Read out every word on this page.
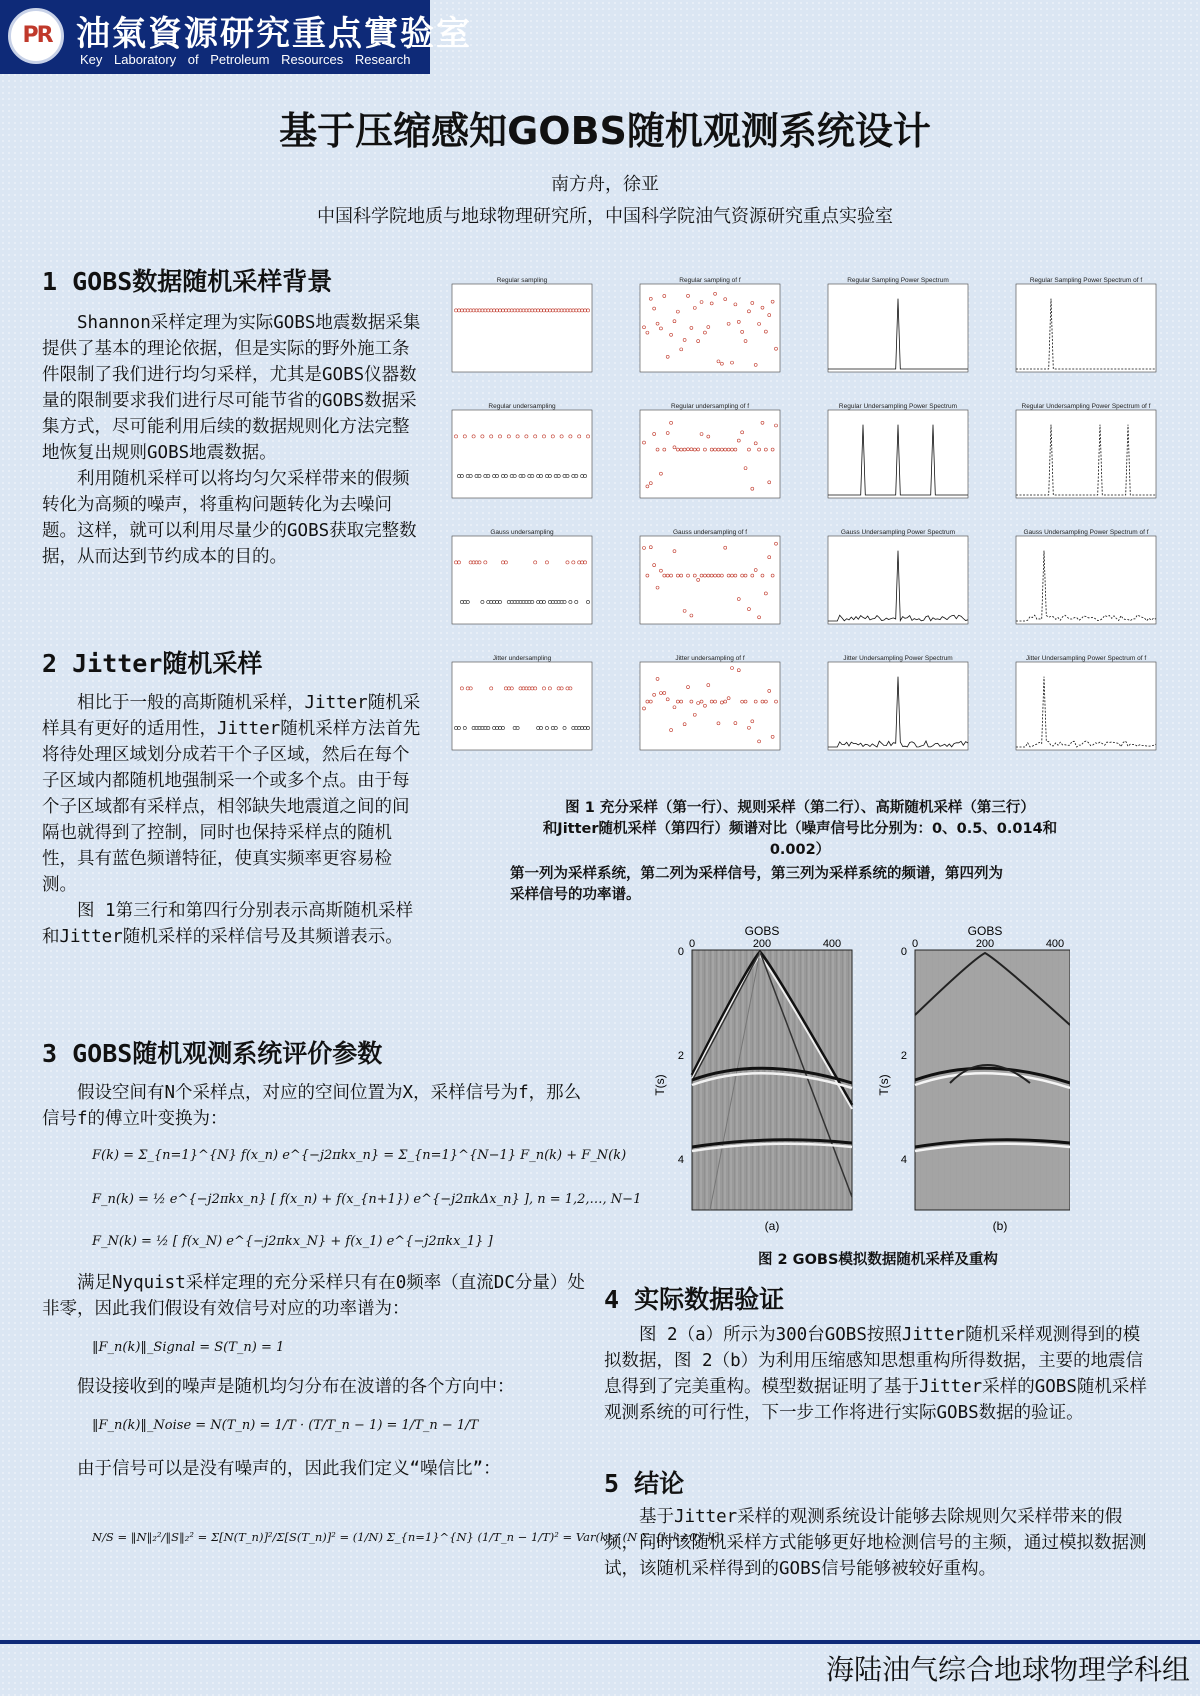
PR 油氣資源研究重点實验室
Key Laboratory of Petroleum Resources Research
基于压缩感知GOBS随机观测系统设计
南方舟，徐亚
中国科学院地质与地球物理研究所，中国科学院油气资源研究重点实验室
1 GOBS数据随机采样背景

Shannon采样定理为实际GOBS地震数据采集提供了基本的理论依据，但是实际的野外施工条件限制了我们进行均匀采样，尤其是GOBS仪器数量的限制要求我们进行尽可能节省的GOBS数据采集方式，尽可能利用后续的数据规则化方法完整地恢复出规则GOBS地震数据。

利用随机采样可以将均匀欠采样带来的假频转化为高频的噪声，将重构问题转化为去噪问题。这样，就可以利用尽量少的GOBS获取完整数据，从而达到节约成本的目的。

2 Jitter随机采样

相比于一般的高斯随机采样，Jitter随机采样具有更好的适用性，Jitter随机采样方法首先将待处理区域划分成若干个子区域，然后在每个子区域内都随机地强制采一个或多个点。由于每个子区域都有采样点，相邻缺失地震道之间的间隔也就得到了控制，同时也保持采样点的随机性，具有蓝色频谱特征，使真实频率更容易检测。

图 1第三行和第四行分别表示高斯随机采样和Jitter随机采样的采样信号及其频谱表示。

3 GOBS随机观测系统评价参数

假设空间有N个采样点，对应的空间位置为X，采样信号为f，那么信号f的傅立叶变换为：

F(k) = Σ_{n=1}^{N} f(x_n) e^{−j2πkx_n} = Σ_{n=1}^{N−1} F_n(k) + F_N(k)
F_n(k) = ½ e^{−j2πkx_n} [ f(x_n) + f(x_{n+1}) e^{−j2πkΔx_n} ], n = 1,2,…, N−1
F_N(k) = ½ [ f(x_N) e^{−j2πkx_N} + f(x_1) e^{−j2πkx_1} ]

满足Nyquist采样定理的充分采样只有在0频率（直流DC分量）处非零，因此我们假设有效信号对应的功率谱为：

‖F_n(k)‖_Signal = S(T_n) = 1

假设接收到的噪声是随机均匀分布在波谱的各个方向中：

‖F_n(k)‖_Noise = N(T_n) = 1/T · (T/T_n − 1) = 1/T_n − 1/T

由于信号可以是没有噪声的，因此我们定义“噪信比”：

N/S = ‖N‖₂²/‖S‖₂² = Σ[N(T_n)]²/Σ[S(T_n)]² = (1/N) Σ_{n=1}^{N} (1/T_n − 1/T)² = Var(k) / (N Σ_{k,k≠0} k²)
Regular sampling	Regular sampling of f	Regular Sampling Power Spectrum	Regular Sampling Power Spectrum of f
Regular undersampling	Regular undersampling of f	Regular Undersampling Power Spectrum	Regular Undersampling Power Spectrum of f
Gauss undersampling	Gauss undersampling of f	Gauss Undersampling Power Spectrum	Gauss Undersampling Power Spectrum of f
Jitter undersampling	Jitter undersampling of f	Jitter Undersampling Power Spectrum	Jitter Undersampling Power Spectrum of f
图 1 充分采样（第一行）、规则采样（第二行）、高斯随机采样（第三行）
和Jitter随机采样（第四行）频谱对比（噪声信号比分别为：0、0.5、0.014和
0.002）
第一列为采样系统，第二列为采样信号，第三列为采样系统的频谱，第四列为
采样信号的功率谱。
GOBS
0	200	400
0
2
4
T(s)
(a)
GOBS
0	200	400
0
2
4
T(s)
(b)
图 2 GOBS模拟数据随机采样及重构
4 实际数据验证

图 2（a）所示为300台GOBS按照Jitter随机采样观测得到的模拟数据，图 2（b）为利用压缩感知思想重构所得数据，主要的地震信息得到了完美重构。模型数据证明了基于Jitter采样的GOBS随机采样观测系统的可行性，下一步工作将进行实际GOBS数据的验证。

5 结论

基于Jitter采样的观测系统设计能够去除规则欠采样带来的假频，同时该随机采样方式能够更好地检测信号的主频，通过模拟数据测试，该随机采样得到的GOBS信号能够被较好重构。

海陆油气综合地球物理学科组
